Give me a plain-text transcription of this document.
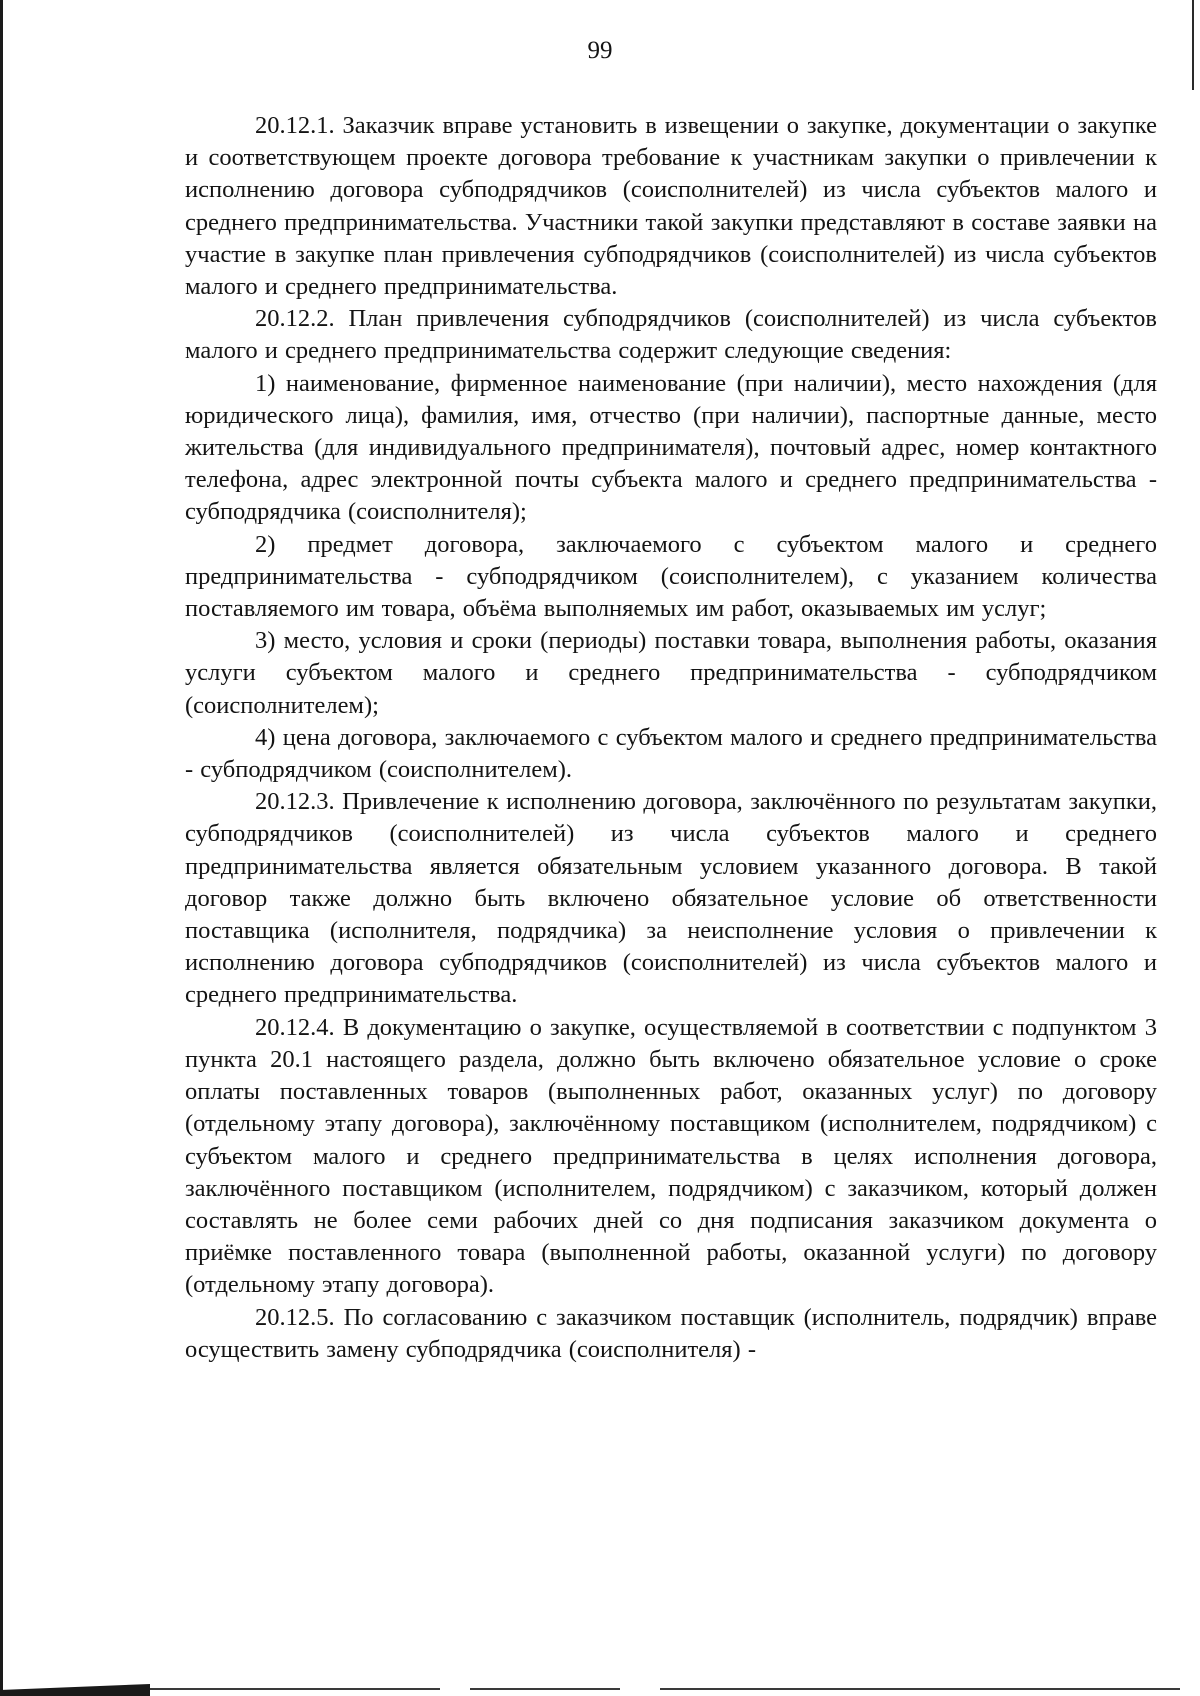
99

20.12.1. Заказчик вправе установить в извещении о закупке, документации о закупке и соответствующем проекте договора требование к участникам закупки о привлечении к исполнению договора субподрядчиков (соисполнителей) из числа субъектов малого и среднего предпринимательства. Участники такой закупки представляют в составе заявки на участие в закупке план привлечения субподрядчиков (соисполнителей) из числа субъектов малого и среднего предпринимательства.

20.12.2. План привлечения субподрядчиков (соисполнителей) из числа субъектов малого и среднего предпринимательства содержит следующие сведения:

1) наименование, фирменное наименование (при наличии), место нахождения (для юридического лица), фамилия, имя, отчество (при наличии), паспортные данные, место жительства (для индивидуального предпринимателя), почтовый адрес, номер контактного телефона, адрес электронной почты субъекта малого и среднего предпринимательства - субподрядчика (соисполнителя);

2) предмет договора, заключаемого с субъектом малого и среднего предпринимательства - субподрядчиком (соисполнителем), с указанием количества поставляемого им товара, объёма выполняемых им работ, оказываемых им услуг;

3) место, условия и сроки (периоды) поставки товара, выполнения работы, оказания услуги субъектом малого и среднего предпринимательства - субподрядчиком (соисполнителем);

4) цена договора, заключаемого с субъектом малого и среднего предпринимательства - субподрядчиком (соисполнителем).

20.12.3. Привлечение к исполнению договора, заключённого по результатам закупки, субподрядчиков (соисполнителей) из числа субъектов малого и среднего предпринимательства является обязательным условием указанного договора. В такой договор также должно быть включено обязательное условие об ответственности поставщика (исполнителя, подрядчика) за неисполнение условия о привлечении к исполнению договора субподрядчиков (соисполнителей) из числа субъектов малого и среднего предпринимательства.

20.12.4. В документацию о закупке, осуществляемой в соответствии с подпунктом 3 пункта 20.1 настоящего раздела, должно быть включено обязательное условие о сроке оплаты поставленных товаров (выполненных работ, оказанных услуг) по договору (отдельному этапу договора), заключённому поставщиком (исполнителем, подрядчиком) с субъектом малого и среднего предпринимательства в целях исполнения договора, заключённого поставщиком (исполнителем, подрядчиком) с заказчиком, который должен составлять не более семи рабочих дней со дня подписания заказчиком документа о приёмке поставленного товара (выполненной работы, оказанной услуги) по договору (отдельному этапу договора).

20.12.5. По согласованию с заказчиком поставщик (исполнитель, подрядчик) вправе осуществить замену субподрядчика (соисполнителя) -
